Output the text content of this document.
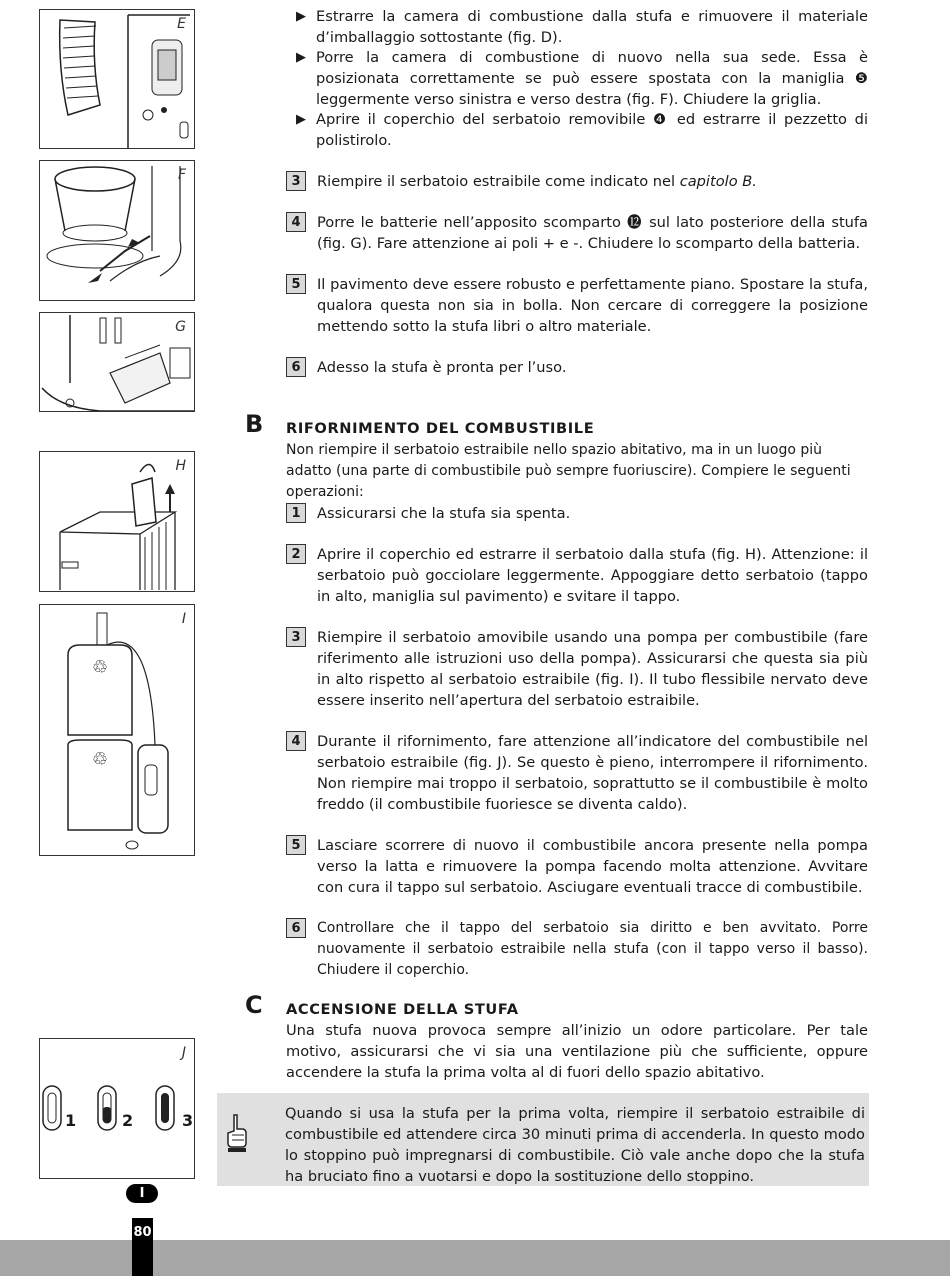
E
F
G
H
♲
♲
I
1	2	3
J
▶ Estrarre la camera di combustione dalla stufa e rimuovere il materiale d’imballaggio sottostante (fig. D).
▶ Porre la camera di combustione di nuovo nella sua sede. Essa è posizionata correttamente se può essere spostata con la maniglia ❺ leggermente verso sinistra e verso destra (fig. F). Chiudere la griglia.
▶ Aprire il coperchio del serbatoio removibile ❹ ed estrarre il pezzetto di polistirolo.
3	Riempire il serbatoio estraibile come indicato nel capitolo B.
4	Porre le batterie nell’apposito scomparto ⓬ sul lato posteriore della stufa (fig. G). Fare attenzione ai poli + e -. Chiudere lo scomparto della batteria.
5	Il pavimento deve essere robusto e perfettamente piano. Spostare la stufa, qualora questa non sia in bolla. Non cercare di correggere la posizione mettendo sotto la stufa libri o altro materiale.
6	Adesso la stufa è pronta per l’uso.
B RIFORNIMENTO DEL COMBUSTIBILE
Non riempire il serbatoio estraibile nello spazio abitativo, ma in un luogo più adatto (una parte di combustibile può sempre fuoriuscire). Compiere le seguenti operazioni:
1	Assicurarsi che la stufa sia spenta.
2	Aprire il coperchio ed estrarre il serbatoio dalla stufa (fig. H). Attenzione: il serbatoio può gocciolare leggermente. Appoggiare detto serbatoio (tappo in alto, maniglia sul pavimento) e svitare il tappo.
3	Riempire il serbatoio amovibile usando una pompa per combustibile (fare riferimento alle istruzioni uso della pompa). Assicurarsi che questa sia più in alto rispetto al serbatoio estraibile (fig. I). Il tubo flessibile nervato deve essere inserito nell’apertura del serbatoio estraibile.
4	Durante il rifornimento, fare attenzione all’indicatore del combustibile nel serbatoio estraibile (fig. J). Se questo è pieno, interrompere il rifornimento. Non riempire mai troppo il serbatoio, soprattutto se il combustibile è molto freddo (il combustibile fuoriesce se diventa caldo).
5	Lasciare scorrere di nuovo il combustibile ancora presente nella pompa verso la latta e rimuovere la pompa facendo molta attenzione. Avvitare con cura il tappo sul serbatoio. Asciugare eventuali tracce di combustibile.
6	Controllare che il tappo del serbatoio sia diritto e ben avvitato. Porre nuovamente il serbatoio estraibile nella stufa (con il tappo verso il basso). Chiudere il coperchio.
C ACCENSIONE DELLA STUFA
Una stufa nuova provoca sempre all’inizio un odore particolare. Per tale motivo, assicurarsi che vi sia una ventilazione più che sufficiente, oppure accendere la stufa la prima volta al di fuori dello spazio abitativo.
Quando si usa la stufa per la prima volta, riempire il serbatoio estraibile di combustibile ed attendere circa 30 minuti prima di accenderla. In questo modo lo stoppino può impregnarsi di combustibile. Ciò vale anche dopo che la stufa ha bruciato fino a vuotarsi e dopo la sostituzione dello stoppino.
I
80
